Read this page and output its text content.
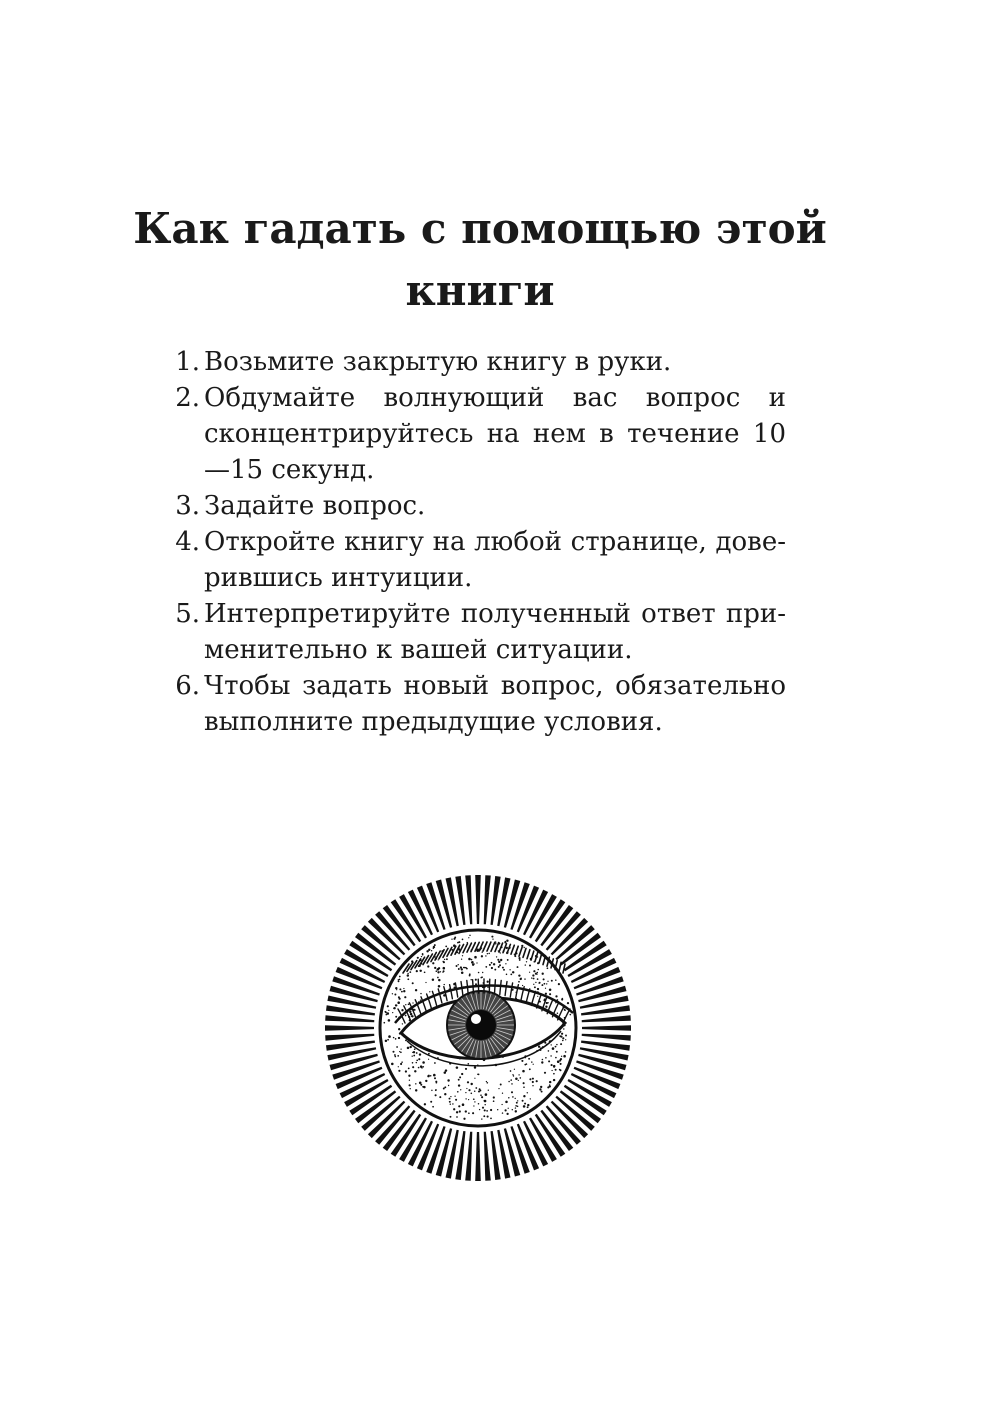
Как гадать с помощью этой книги
1. Возьмите закрытую книгу в руки.
2. Обдумайте волнующий вас вопрос и сконцентрируйтесь на нем в течение 10—15 секунд.
3. Задайте вопрос.
4. Откройте книгу на любой странице, доверившись интуиции.
5. Интерпретируйте полученный ответ применительно к вашей ситуации.
6. Чтобы задать новый вопрос, обязательно выполните предыдущие условия.
